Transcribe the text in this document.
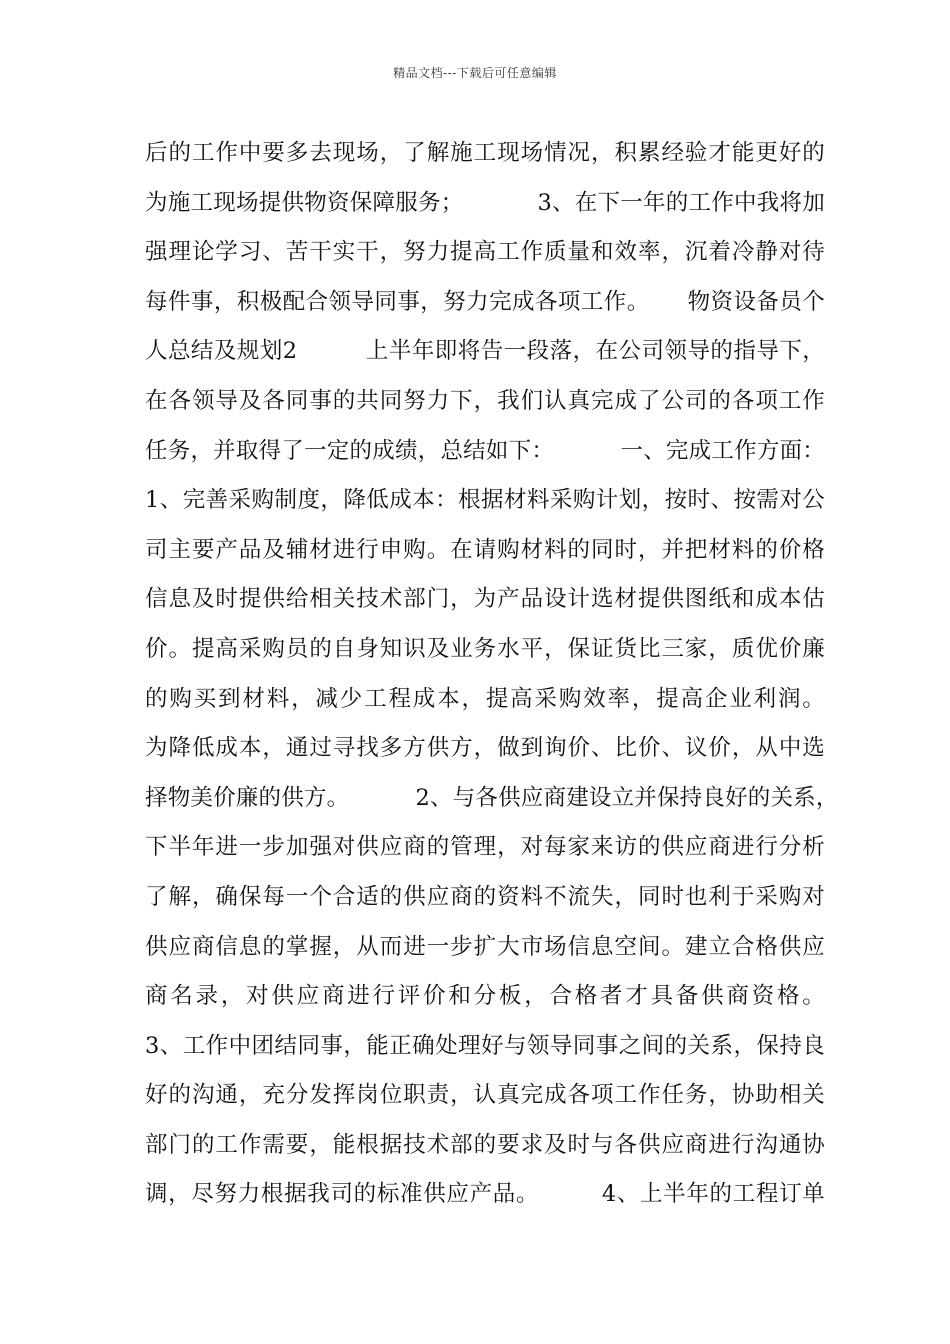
精品文档---下载后可任意编辑
后的工作中要多去现场，了解施工现场情况，积累经验才能更好的
为施工现场提供物资保障服务；          3、在下一年的工作中我将加
强理论学习、苦干实干，努力提高工作质量和效率，沉着冷静对待
每件事，积极配合领导同事，努力完成各项工作。     物资设备员个
人总结及规划2         上半年即将告一段落，在公司领导的指导下，
在各领导及各同事的共同努力下，我们认真完成了公司的各项工作
任务，并取得了一定的成绩，总结如下：         一、完成工作方面：
1、完善采购制度，降低成本：根据材料采购计划，按时、按需对公
司主要产品及辅材进行申购。在请购材料的同时，并把材料的价格
信息及时提供给相关技术部门，为产品设计选材提供图纸和成本估
价。提高采购员的自身知识及业务水平，保证货比三家，质优价廉
的购买到材料，减少工程成本，提高采购效率，提高企业利润。
为降低成本，通过寻找多方供方，做到询价、比价、议价，从中选
择物美价廉的供方。         2、与各供应商建设立并保持良好的关系，
下半年进一步加强对供应商的管理，对每家来访的供应商进行分析
了解，确保每一个合适的供应商的资料不流失，同时也利于采购对
供应商信息的掌握，从而进一步扩大市场信息空间。建立合格供应
商名录，对供应商进行评价和分板，合格者才具备供商资格。
3、工作中团结同事，能正确处理好与领导同事之间的关系，保持良
好的沟通，充分发挥岗位职责，认真完成各项工作任务，协助相关
部门的工作需要，能根据技术部的要求及时与各供应商进行沟通协
调，尽努力根据我司的标准供应产品。        4、上半年的工程订单
